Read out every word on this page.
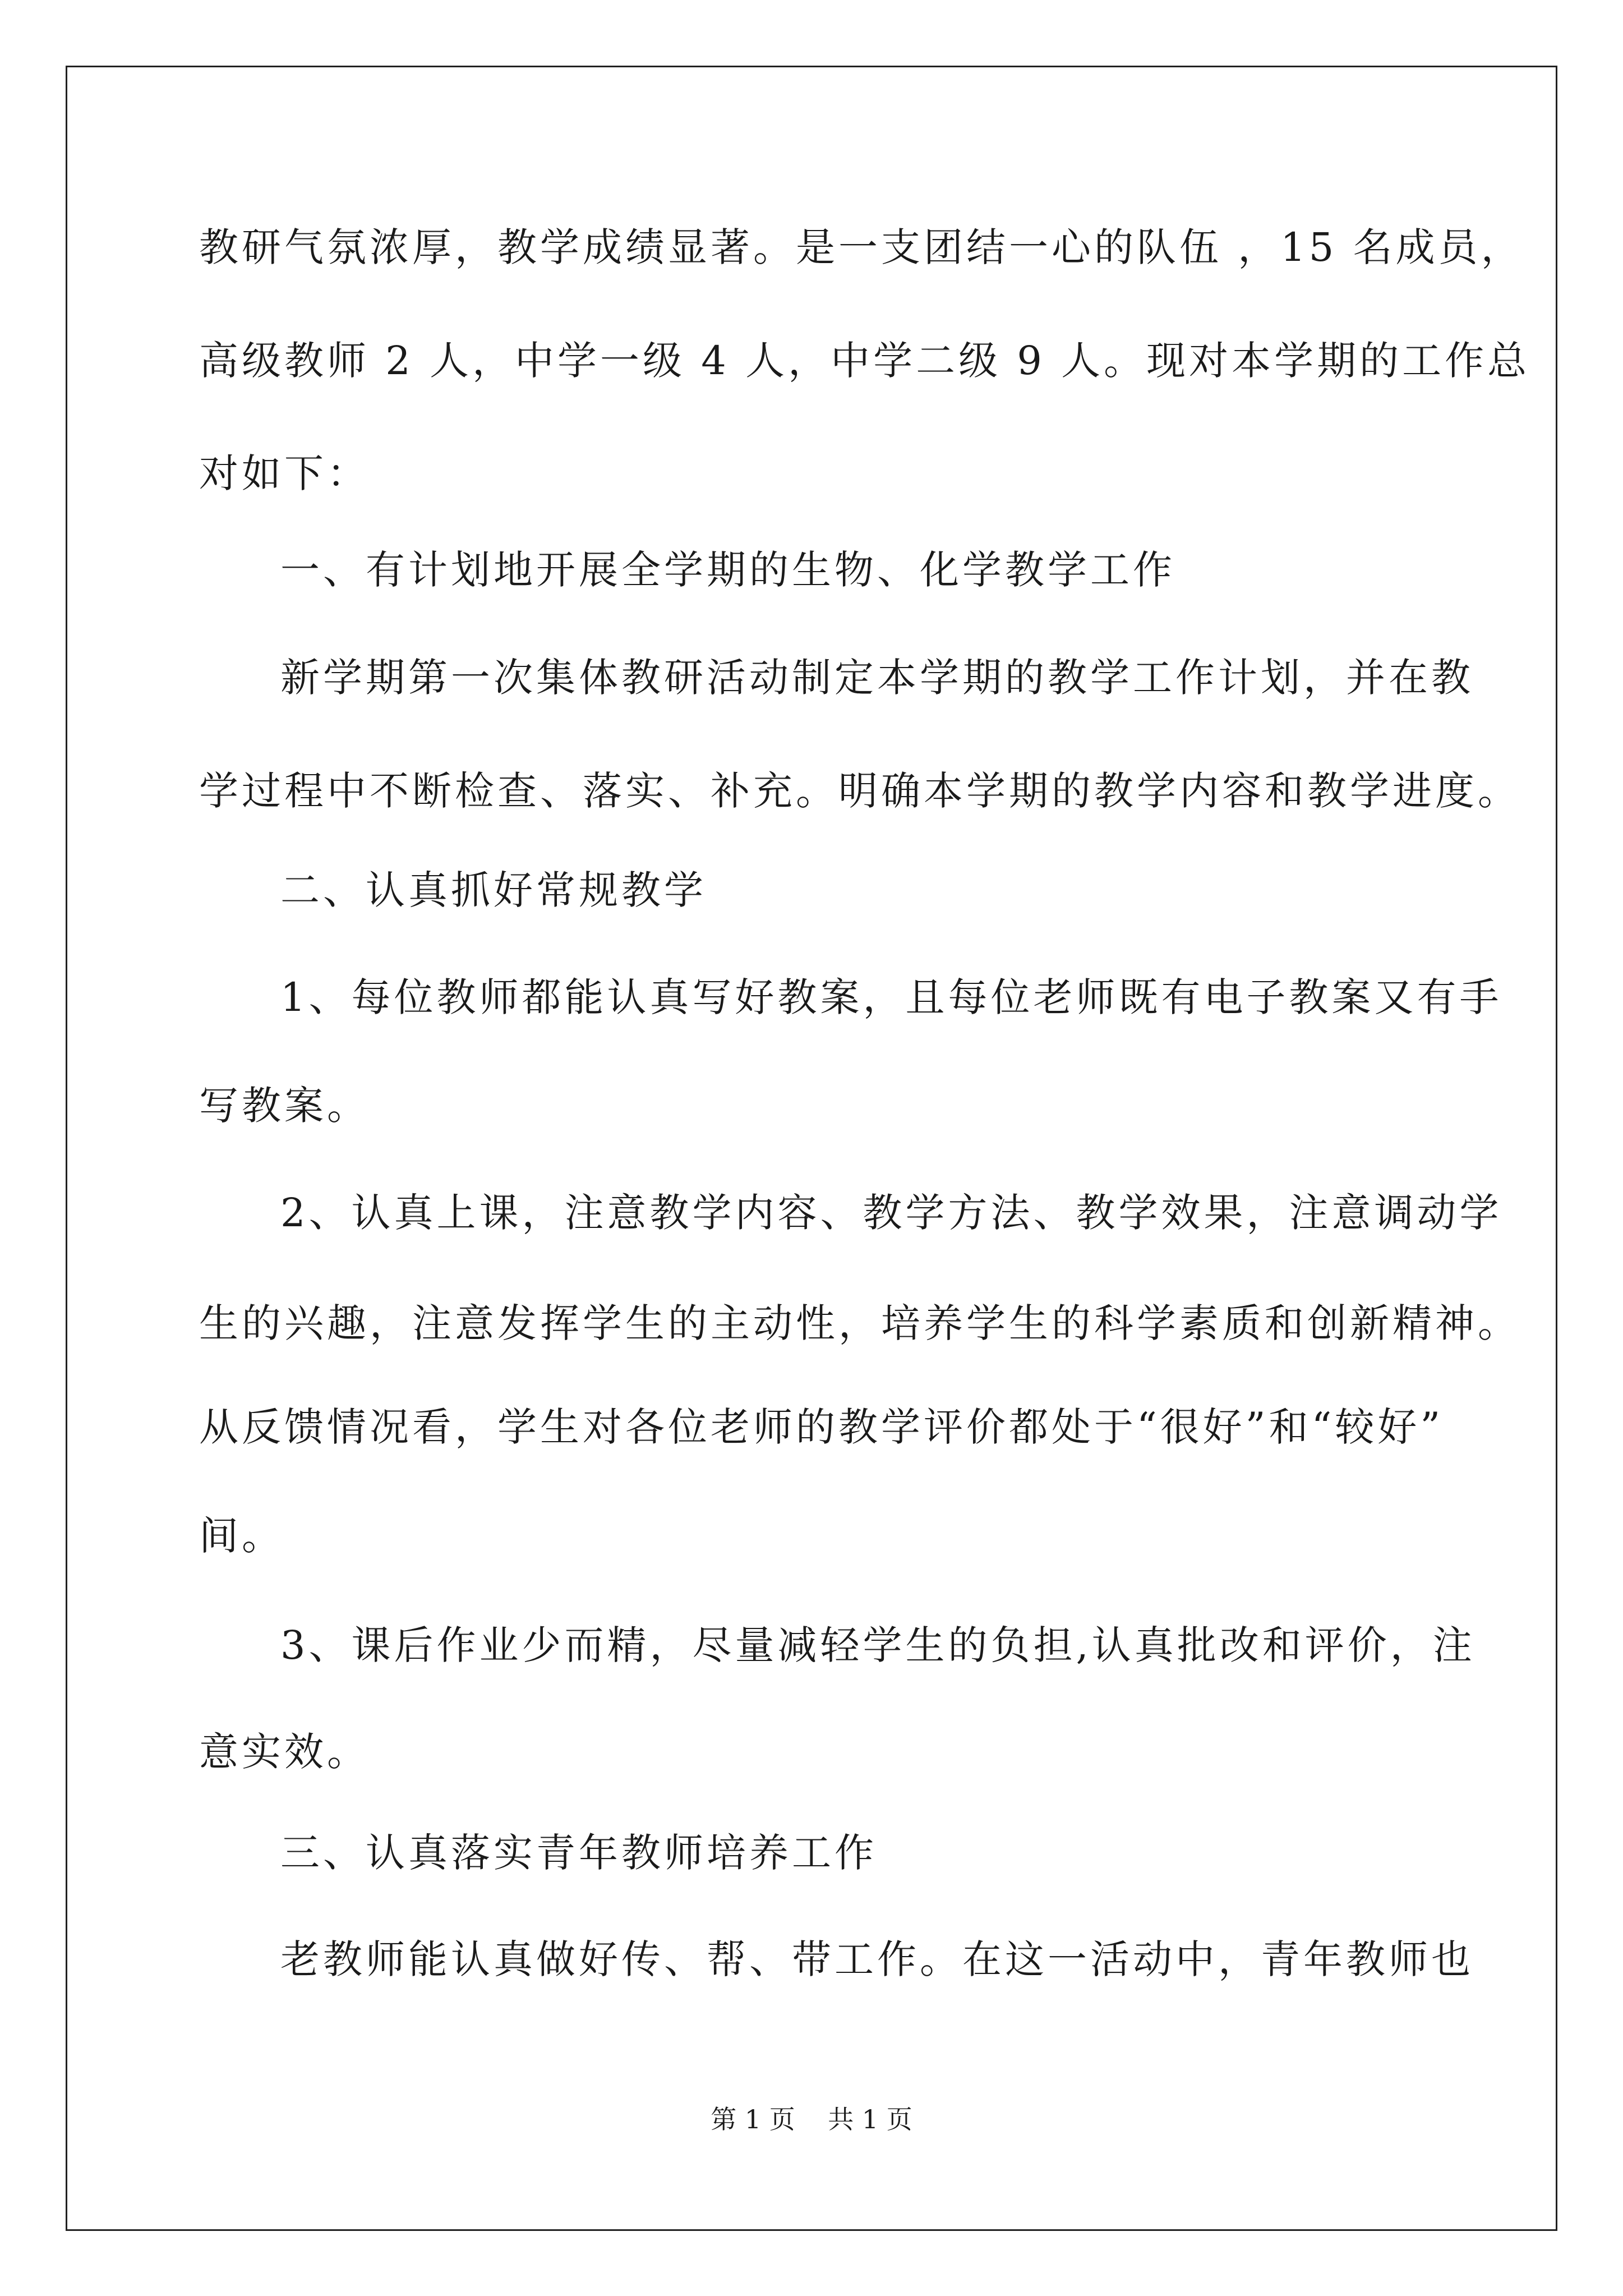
教研气氛浓厚，教学成绩显著。是一支团结一心的队伍 ，15 名成员，
高级教师 2 人，中学一级 4 人，中学二级 9 人。现对本学期的工作总
对如下：
一、有计划地开展全学期的生物、化学教学工作
新学期第一次集体教研活动制定本学期的教学工作计划，并在教
学过程中不断检查、落实、补充。明确本学期的教学内容和教学进度。
二、认真抓好常规教学
1、每位教师都能认真写好教案，且每位老师既有电子教案又有手
写教案。
2、认真上课，注意教学内容、教学方法、教学效果，注意调动学
生的兴趣，注意发挥学生的主动性，培养学生的科学素质和创新精神。
从反馈情况看，学生对各位老师的教学评价都处于“很好”和“较好”
间。
3、课后作业少而精，尽量减轻学生的负担,认真批改和评价，注
意实效。
三、认真落实青年教师培养工作
老教师能认真做好传、帮、带工作。在这一活动中，青年教师也
第 1 页    共 1 页
